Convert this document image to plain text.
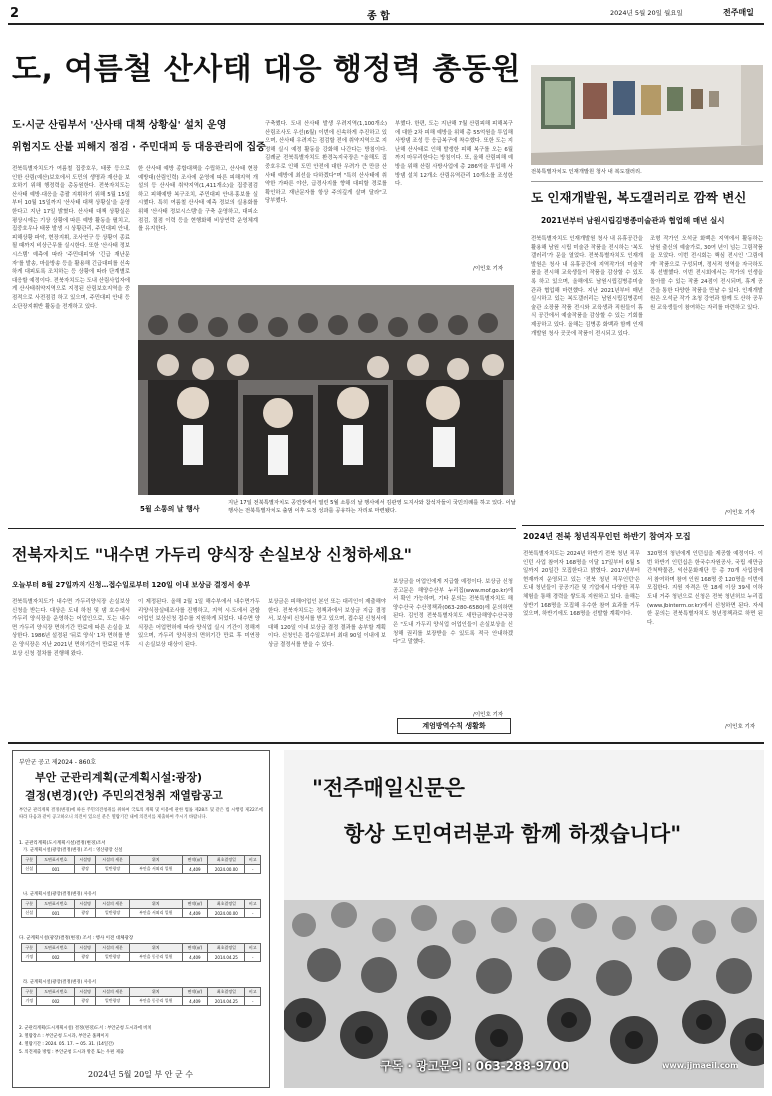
2	종 합	2024년 5월 20일 월요일	전주매일
도, 여름철 산사태 대응 행정력 총동원
도·시군 산림부서 '산사태 대책 상황실' 설치 운영
위험지도 산불 피해지 점검 · 주민대피 등 대응관리에 집중
전북특별자치도가 여름철 집중호우, 태풍 등으로 인한 산림(예산)보호에서 도민의 생명과 재산을 보호하기 위해 행정력을 총동원한다. 전북자치도는 산사태 예방·대응을 총괄 지휘하기 위해 5월 15일부터 10월 15일까지 '산사태 대책 상황실'을 운영한다고 지난 17일 밝혔다. 산사태 대책 상황실은 평상시에는 기상 상황에 따른 예방 활동을 펼치고, 집중호우나 태풍 발생 시 상황관리, 주민대피 안내, 피해상황 파악, 현장지휘, 조사연구 등 상황이 종료될 때까지 비상근무를 실시한다. 또한 '산사태 정보시스템' 예측에 따라 '주민대피'와 '긴급 재난문자'를 발송, 마을방송 등을 활용해 긴급대피를 신속하게 대피토록 조치하는 등 상황에 따라 단계별로 대응할 예정이다. 전북자치도는 도내 산림사업자에게 산사태취약지역으로 지정된 산림보호지역을 중점적으로 사전점검 하고 있으며, 주민대피 안내 등 소단장지휘반 활동을 전개하고 있다.
한 산사태 예방 종합대책을 수립하고, 산사태 현장예방대(산림인력) 조사에 운영에 따른 피해지역 개설의 등 산사태 취약지역(1,411개소)을 집중점검하고 피해예방 복구조치, 주민대피 안내·홍보를 실시했다. 특히 여름철 산사태 예측 정보의 실용화를 위해 '산사태 정보시스템'을 구축 운영하고, 대피소 점검, 절점 이력 등을 현행화해 비상연락 운영체계를 유지한다.
구축했다. 도내 산사태 발생 우려지역(1,100개소) 산림조사도 우선(6월) 이번에 신속하게 추진하고 있으며, 산사태 우려지는 점검할 전에 취약지역으로 지정해 실시 예정 활동을 강화해 나간다는 방침이다. 김례균 전북특별자치도 환경녹지국장은 "올해도 집중호우로 인해 도민 안전에 대한 우려가 큰 만큼 산사태 예방에 최선을 다하겠다"며 "특히 산사태에 취약한 가파른 야산, 급경사지를 향해 대피할 경로를 확인하고 재난문자를 항상 주의깊게 살펴 달라"고 당부했다.
부했다. 한편, 도는 지난해 7월 산림피해 피해복구에 대한 2차 피해 예방을 위해 총 55억원을 투입해 사방댐 조성 등 응급복구에 착수했다. 또한 도는 지난해 산사태로 인해 발생한 피해 복구를 오는 6월까지 마무리한다는 방침이다. 또, 올해 산림피해 예방을 위해 산림 사방사업에 총 286억을 투입해 사방댐 설치 12개소 산림유역관리 10개소를 조성한다.
/이인호 기자
5월 소통의 날 행사
지난 17일 전북특별자치도 공연장에서 열린 5월 소통의 날 행사에서 김관영 도지사와 참석자들이 국민의례를 하고 있다. 이날 행사는 전북특별자치도 출범 이후 도정 성과를 공유하는 자리로 마련됐다.
전북특별자치도 인재개발원 청사 내 복도갤러리.
도 인재개발원, 복도갤러리로 깜짝 변신
2021년부터 남원시립김병종미술관과 협업해 매년 실시
전북특별자치도 인재개발원 청사 내 유휴공간을 활용해 남원 시립 미술관 작품을 전시하는 '복도갤러리'가 문을 열었다. 전북특별자치도 인재개발원은 청사 내 유휴공간에 지역작가의 미술작품을 전시해 교육생들이 작품을 감상할 수 있도록 하고 있으며, 올해에도 남원시립김병종미술관과 협업해 마련했다. 지난 2021년부터 매년 실시하고 있는 복도갤러리는 남원시립김병종미술관 소장품 작품 전시와 교육생과 직원들이 휴식 공간에서 예술작품을 감상할 수 있는 기회를 제공하고 있다. 올해는 김병종 화백과 함께 인재개발원 청사 곳곳에 작품이 전시되고 있다.
조형 작가인 오석균 화백은 지역에서 활동하는 남원 출신의 예술가로, 30여 년이 넘는 그림작품을 모았다. 이번 전시회는 핵심 전시인 '그림에게' 작품으로 구성되며, 정서적 영역을 자극하도록 선별했다. 이번 전시회에서는 작가의 인생을 돌아볼 수 있는 작품 24점이 전시되며, 휴게 공간을 통한 다양한 작품을 만날 수 있다. 인재개발원은 오석균 작가 초청 강연과 함께 도 산하 공무원 교육생들이 참여하는 자리를 마련하고 있다.
/이인호 기자
전북자치도 "내수면 가두리 양식장 손실보상 신청하세요"
오늘부터 8월 27일까지 신청…접수일로부터 120일 이내 보상금 결정서 송부
전북특별자치도가 내수면 가두리양식장 손실보상 신청을 받는다. 대상은 도내 하천 및 댐 호수에서 가두리 양식장을 운영하는 어업인으로, 도는 내수면 가두리 양식장 면허기간 만료에 따른 손실을 보상한다. 1986년 설정된 '뒤로 양식' 1차 면허를 받은 양식장은 지난 2021년 면허기간이 만료된 이후 보상 신청 절차를 진행해 왔다.
이 제정된다. 올해 2월 1일 해수부에서 내수면가두리양식장실태조사를 진행하고, 지역 시·도에서 관할 어업인 보상신청 접수를 지원하게 되었다. 내수면 양식장은 어업면허에 따라 양식업 실시 기간이 정해져 있으며, 가두리 양식장의 면허기간 만료 후 미연장 시 손실보상 대상이 된다.
보상금은 피해어업인 본인 또는 대리인이 제출해야 한다. 전북자치도는 정책과에서 보상금 지급 결정서, 보상비 신청서를 받고 있으며, 접수된 신청서에 대해 120일 이내 보상금 결정 결과를 송부할 계획이다. 신청인은 접수일로부터 최대 90일 이내에 보상금 결정서를 받을 수 있다.
보상금을 어업인에게 지급할 예정이다. 보상금 신청 공고문은 해양수산부 누리집(www.mof.go.kr)에서 확인 가능하며, 기타 문의는 전북특별자치도 해양수산국 수산정책과(063-280-6580)에 문의하면 된다. 김인정 전북특별자치도 새만금해양수산국장은 "도내 가두리 양식업 어업인들이 손실보상을 신청해 권리를 보장받을 수 있도록 적극 안내하겠다"고 말했다.
/이인호 기자
계엄방역수칙 생활화
2024년 전북 청년직무인턴 하반기 참여자 모집
전북특별자치도는 2024년 하반기 전북 청년 직무인턴 사업 참여자 168명을 이달 17일부터 6월 5일까지 20일간 모집한다고 밝혔다. 2017년부터 현재까지 운영되고 있는 '전북 청년 직무인턴'은 도내 청년들이 공공기관 및 기업에서 다양한 직무 체험을 통해 경력을 쌓도록 지원하고 있다. 올해는 상반기 168명을 모집해 우수한 참여 효과를 거두었으며, 하반기에도 168명을 선발할 계획이다.
320명의 청년에게 인턴십을 제공할 예정이다. 이번 하반기 인턴십은 한국수자원공사, 국립 새만금간척박물관, 익산문화재단 등 총 70개 사업장에서 참여하며 참여 인원 168명 중 120명을 이번에 모집한다. 지원 자격은 만 18세 이상 39세 이하 도내 거주 청년으로 신청은 전북 청년허브 누리집(www.jbinterm.or.kr)에서 신청하면 된다. 자세한 문의는 전북특별자치도 청년정책과로 하면 된다.
/이인호 기자
부안군 공고 제2024 - 860호
부안 군관리계획(군계획시설:광장)
결정(변경)(안) 주민의견청취 재열람공고
부안군 관리계획 결정(변경)에 따른 주민의견청취를 위하여 국토의 계획 및 이용에 관한 법률 제28조 및 같은 법 시행령 제22조에 따라 다음과 같이 공고하오니 의견이 있으신 분은 열람기간 내에 의견서를 제출하여 주시기 바랍니다.
1. 군관리계획(도시계획시설)결정(변경)조서
가. 군계획시설(광장)결정(변경) 조서 : 영산광장 신설
구분	도면표시번호	시설명	시설의 세분	위치	면적(㎡)	최초결정일	비고
신설	001	광장	일반광장	부안읍 서외리 일원	4,409	2024.00.00	-
나. 군계획시설(광장)결정(변경) 사유서
구분	도면표시번호	시설명	시설의 세분	위치	면적(㎡)	최초결정일	비고
신설	001	광장	일반광장	부안읍 서외리 일원	4,409	2024.00.00	-
다. 군계획시설(광장)결정(변경) 조서 : 행사 이전 대체광장
구분	도면표시번호	시설명	시설의 세분	위치	면적(㎡)	최초결정일	비고
기정	002	광장	일반광장	부안읍 동중리 일원	4,409	2014.04.25	-
라. 군계획시설(광장)결정(변경) 사유서
구분	도면표시번호	시설명	시설의 세분	위치	면적(㎡)	최초결정일	비고
기정	002	광장	일반광장	부안읍 동중리 일원	4,409	2014.04.25	-
2. 군관리계획(도시계획시설) 결정(변경)도서 : 부안군청 도시과에 비치
3. 열람장소 : 부안군청 도시과, 부안군 홈페이지
4. 열람기간 : 2024. 05. 17. ~ 05. 31. (14일간)
5. 의견제출 방법 : 부안군청 도시과 방문 또는 우편 제출
2024년 5월 20일 부 안 군 수
"전주매일신문은
항상 도민여러분과 함께 하겠습니다"
구독 · 광고문의 : 063-288-9700	www.jjmaeil.com
